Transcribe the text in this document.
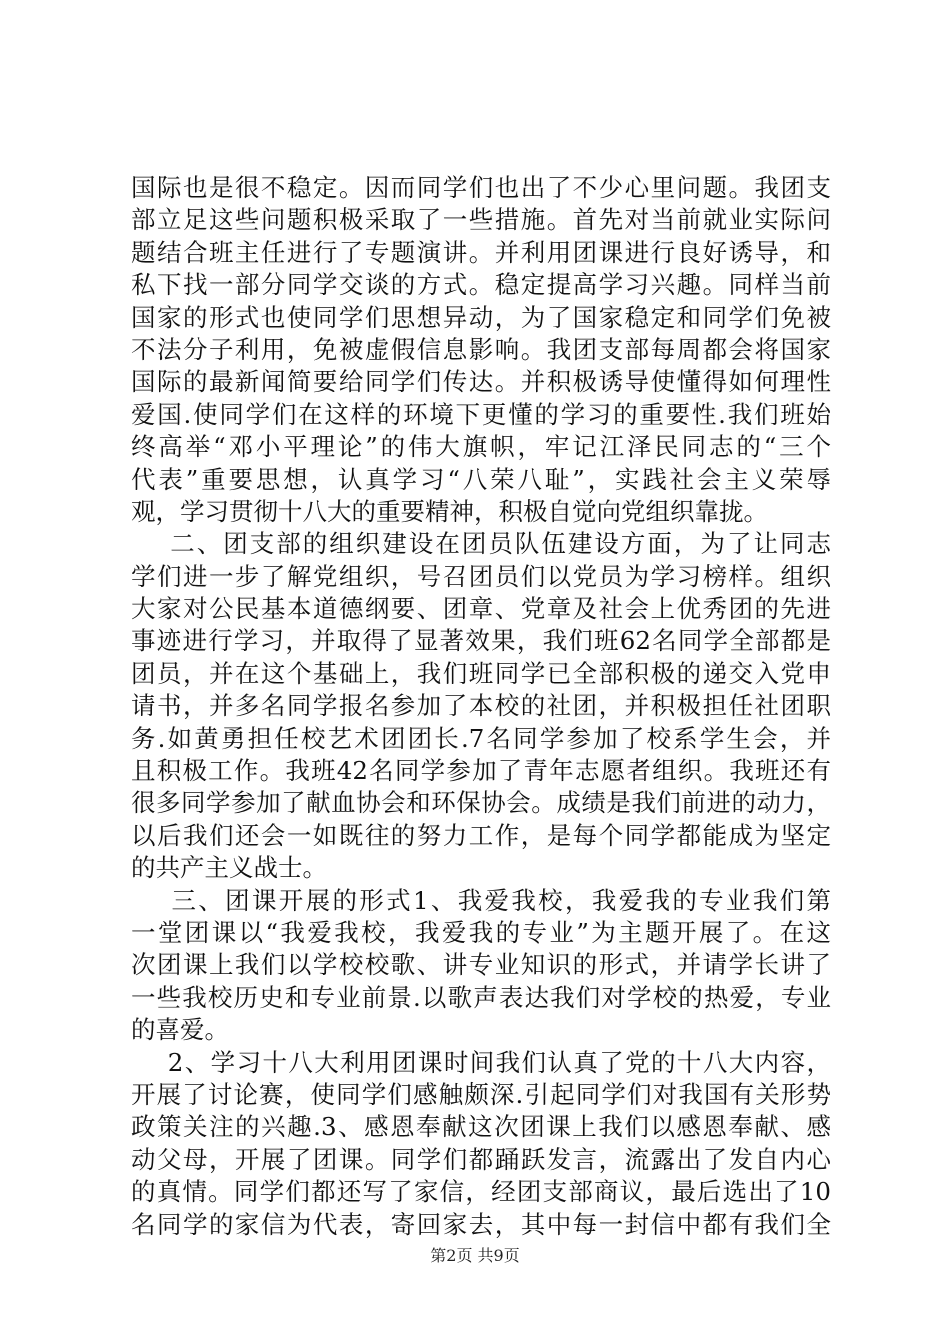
国际也是很不稳定。因而同学们也出了不少心里问题。我团支
部立足这些问题积极采取了一些措施。首先对当前就业实际问
题结合班主任进行了专题演讲。并利用团课进行良好诱导，和
私下找一部分同学交谈的方式。稳定提高学习兴趣。同样当前
国家的形式也使同学们思想异动，为了国家稳定和同学们免被
不法分子利用，免被虚假信息影响。我团支部每周都会将国家
国际的最新闻简要给同学们传达。并积极诱导使懂得如何理性
爱国.使同学们在这样的环境下更懂的学习的重要性.我们班始
终高举“邓小平理论”的伟大旗帜，牢记江泽民同志的“三个
代表”重要思想，认真学习“八荣八耻”，实践社会主义荣辱
观，学习贯彻十八大的重要精神，积极自觉向党组织靠拢。
二、团支部的组织建设在团员队伍建设方面，为了让同志
学们进一步了解党组织，号召团员们以党员为学习榜样。组织
大家对公民基本道德纲要、团章、党章及社会上优秀团的先进
事迹进行学习，并取得了显著效果，我们班62名同学全部都是
团员，并在这个基础上，我们班同学已全部积极的递交入党申
请书，并多名同学报名参加了本校的社团，并积极担任社团职
务.如黄勇担任校艺术团团长.7名同学参加了校系学生会，并
且积极工作。我班42名同学参加了青年志愿者组织。我班还有
很多同学参加了献血协会和环保协会。成绩是我们前进的动力，
以后我们还会一如既往的努力工作，是每个同学都能成为坚定
的共产主义战士。
三、团课开展的形式1、我爱我校，我爱我的专业我们第
一堂团课以“我爱我校，我爱我的专业”为主题开展了。在这
次团课上我们以学校校歌、讲专业知识的形式，并请学长讲了
一些我校历史和专业前景.以歌声表达我们对学校的热爱，专业
的喜爱。
2、学习十八大利用团课时间我们认真了党的十八大内容，
开展了讨论赛，使同学们感触颇深.引起同学们对我国有关形势
政策关注的兴趣.3、感恩奉献这次团课上我们以感恩奉献、感
动父母，开展了团课。同学们都踊跃发言，流露出了发自内心
的真情。同学们都还写了家信，经团支部商议，最后选出了10
名同学的家信为代表，寄回家去，其中每一封信中都有我们全
第2页 共9页
